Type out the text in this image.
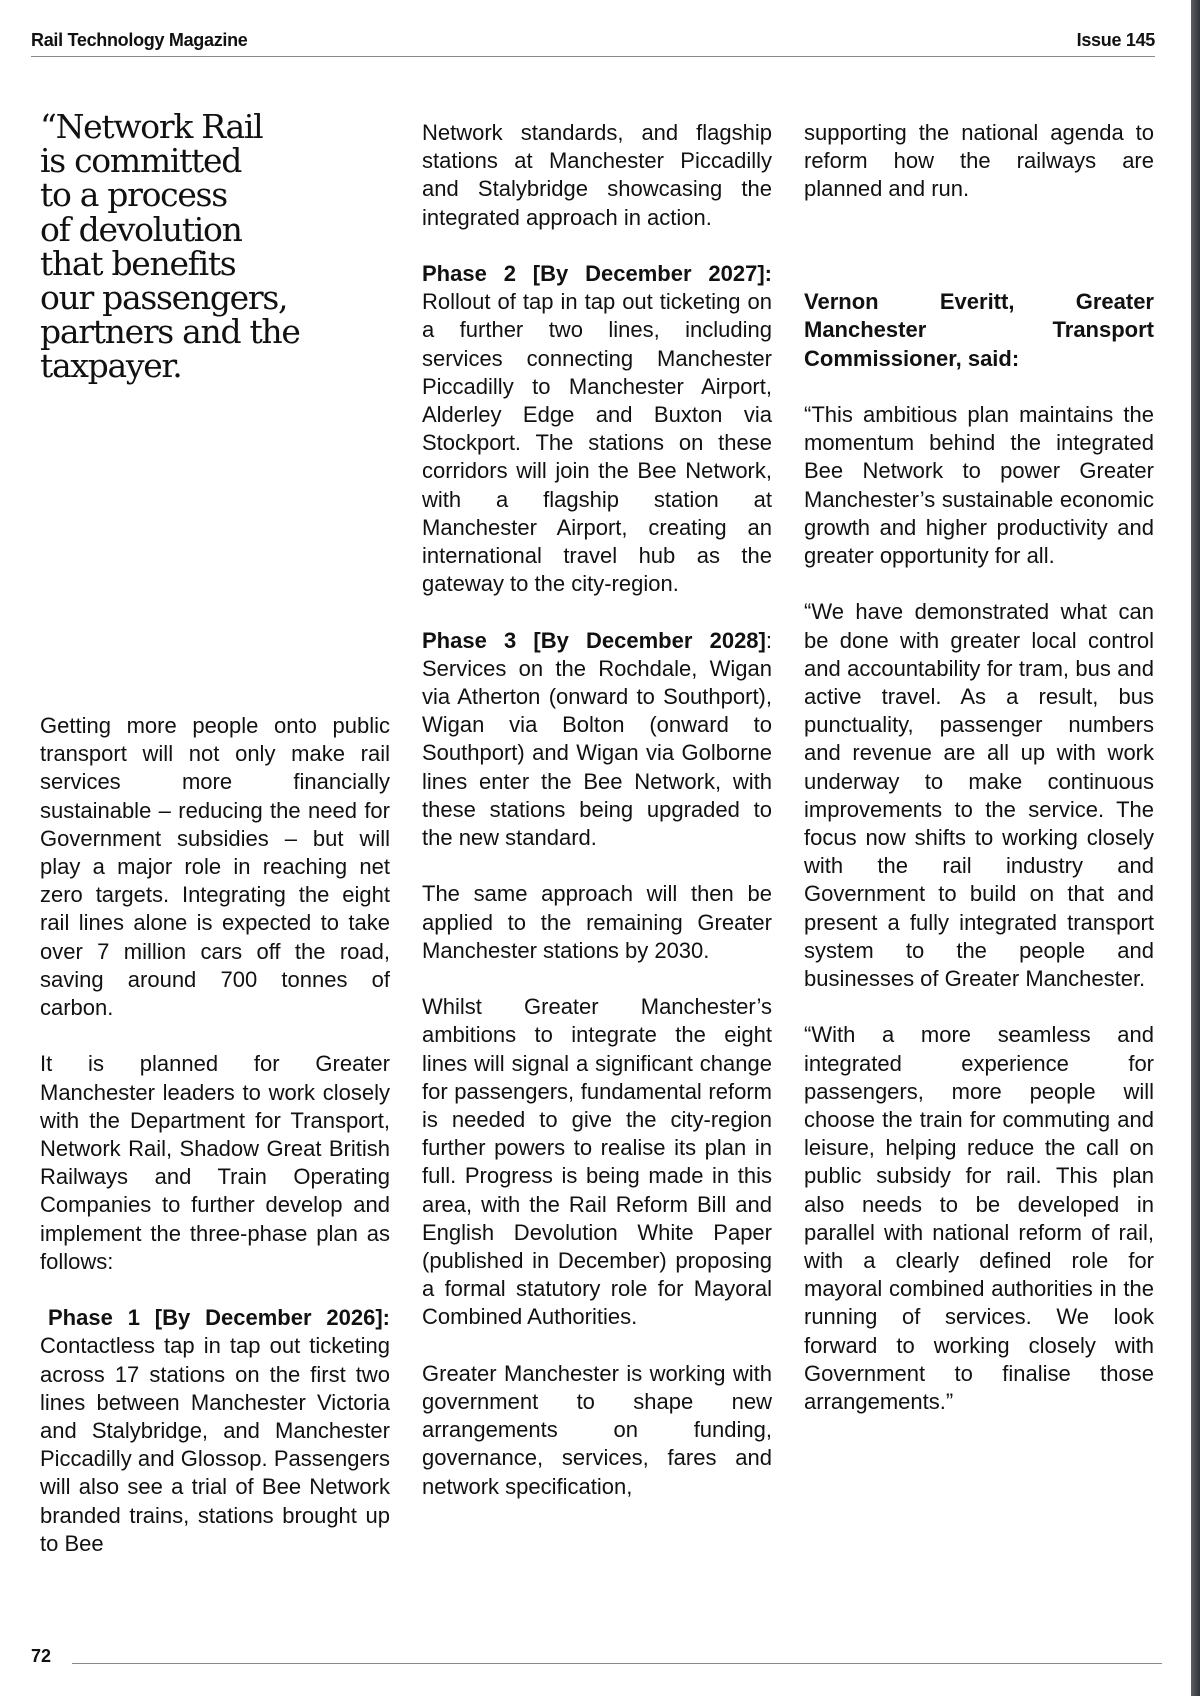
Rail Technology Magazine	Issue 145
“Network Rail
is committed
to a process
of devolution
that benefits
our passengers,
partners and the
taxpayer.

Getting more people onto public transport will not only make rail services more financially sustainable – reducing the need for Government subsidies – but will play a major role in reaching net zero targets. Integrating the eight rail lines alone is expected to take over 7 million cars off the road, saving around 700 tonnes of carbon.

It is planned for Greater Manchester leaders to work closely with the Department for Transport, Network Rail, Shadow Great British Railways and Train Operating Companies to further develop and implement the three-phase plan as follows:

Phase 1 [By December 2026]: Contactless tap in tap out ticketing across 17 stations on the first two lines between Manchester Victoria and Stalybridge, and Manchester Piccadilly and Glossop. Passengers will also see a trial of Bee Network branded trains, stations brought up to Bee

Network standards, and flagship stations at Manchester Piccadilly and Stalybridge showcasing the integrated approach in action.

Phase 2 [By December 2027]: Rollout of tap in tap out ticketing on a further two lines, including services connecting Manchester Piccadilly to Manchester Airport, Alderley Edge and Buxton via Stockport. The stations on these corridors will join the Bee Network, with a flagship station at Manchester Airport, creating an international travel hub as the gateway to the city-region.

Phase 3 [By December 2028]: Services on the Rochdale, Wigan via Atherton (onward to Southport), Wigan via Bolton (onward to Southport) and Wigan via Golborne lines enter the Bee Network, with these stations being upgraded to the new standard.

The same approach will then be applied to the remaining Greater Manchester stations by 2030.

Whilst Greater Manchester’s ambitions to integrate the eight lines will signal a significant change for passengers, fundamental reform is needed to give the city-region further powers to realise its plan in full. Progress is being made in this area, with the Rail Reform Bill and English Devolution White Paper (published in December) proposing a formal statutory role for Mayoral Combined Authorities.

Greater Manchester is working with government to shape new arrangements on funding, governance, services, fares and network specification,

supporting the national agenda to reform how the railways are planned and run.

Vernon Everitt, Greater Manchester Transport Commissioner, said:

“This ambitious plan maintains the momentum behind the integrated Bee Network to power Greater Manchester’s sustainable economic growth and higher productivity and greater opportunity for all.

“We have demonstrated what can be done with greater local control and accountability for tram, bus and active travel. As a result, bus punctuality, passenger numbers and revenue are all up with work underway to make continuous improvements to the service. The focus now shifts to working closely with the rail industry and Government to build on that and present a fully integrated transport system to the people and businesses of Greater Manchester.

“With a more seamless and integrated experience for passengers, more people will choose the train for commuting and leisure, helping reduce the call on public subsidy for rail. This plan also needs to be developed in parallel with national reform of rail, with a clearly defined role for mayoral combined authorities in the running of services. We look forward to working closely with Government to finalise those arrangements.”

72
